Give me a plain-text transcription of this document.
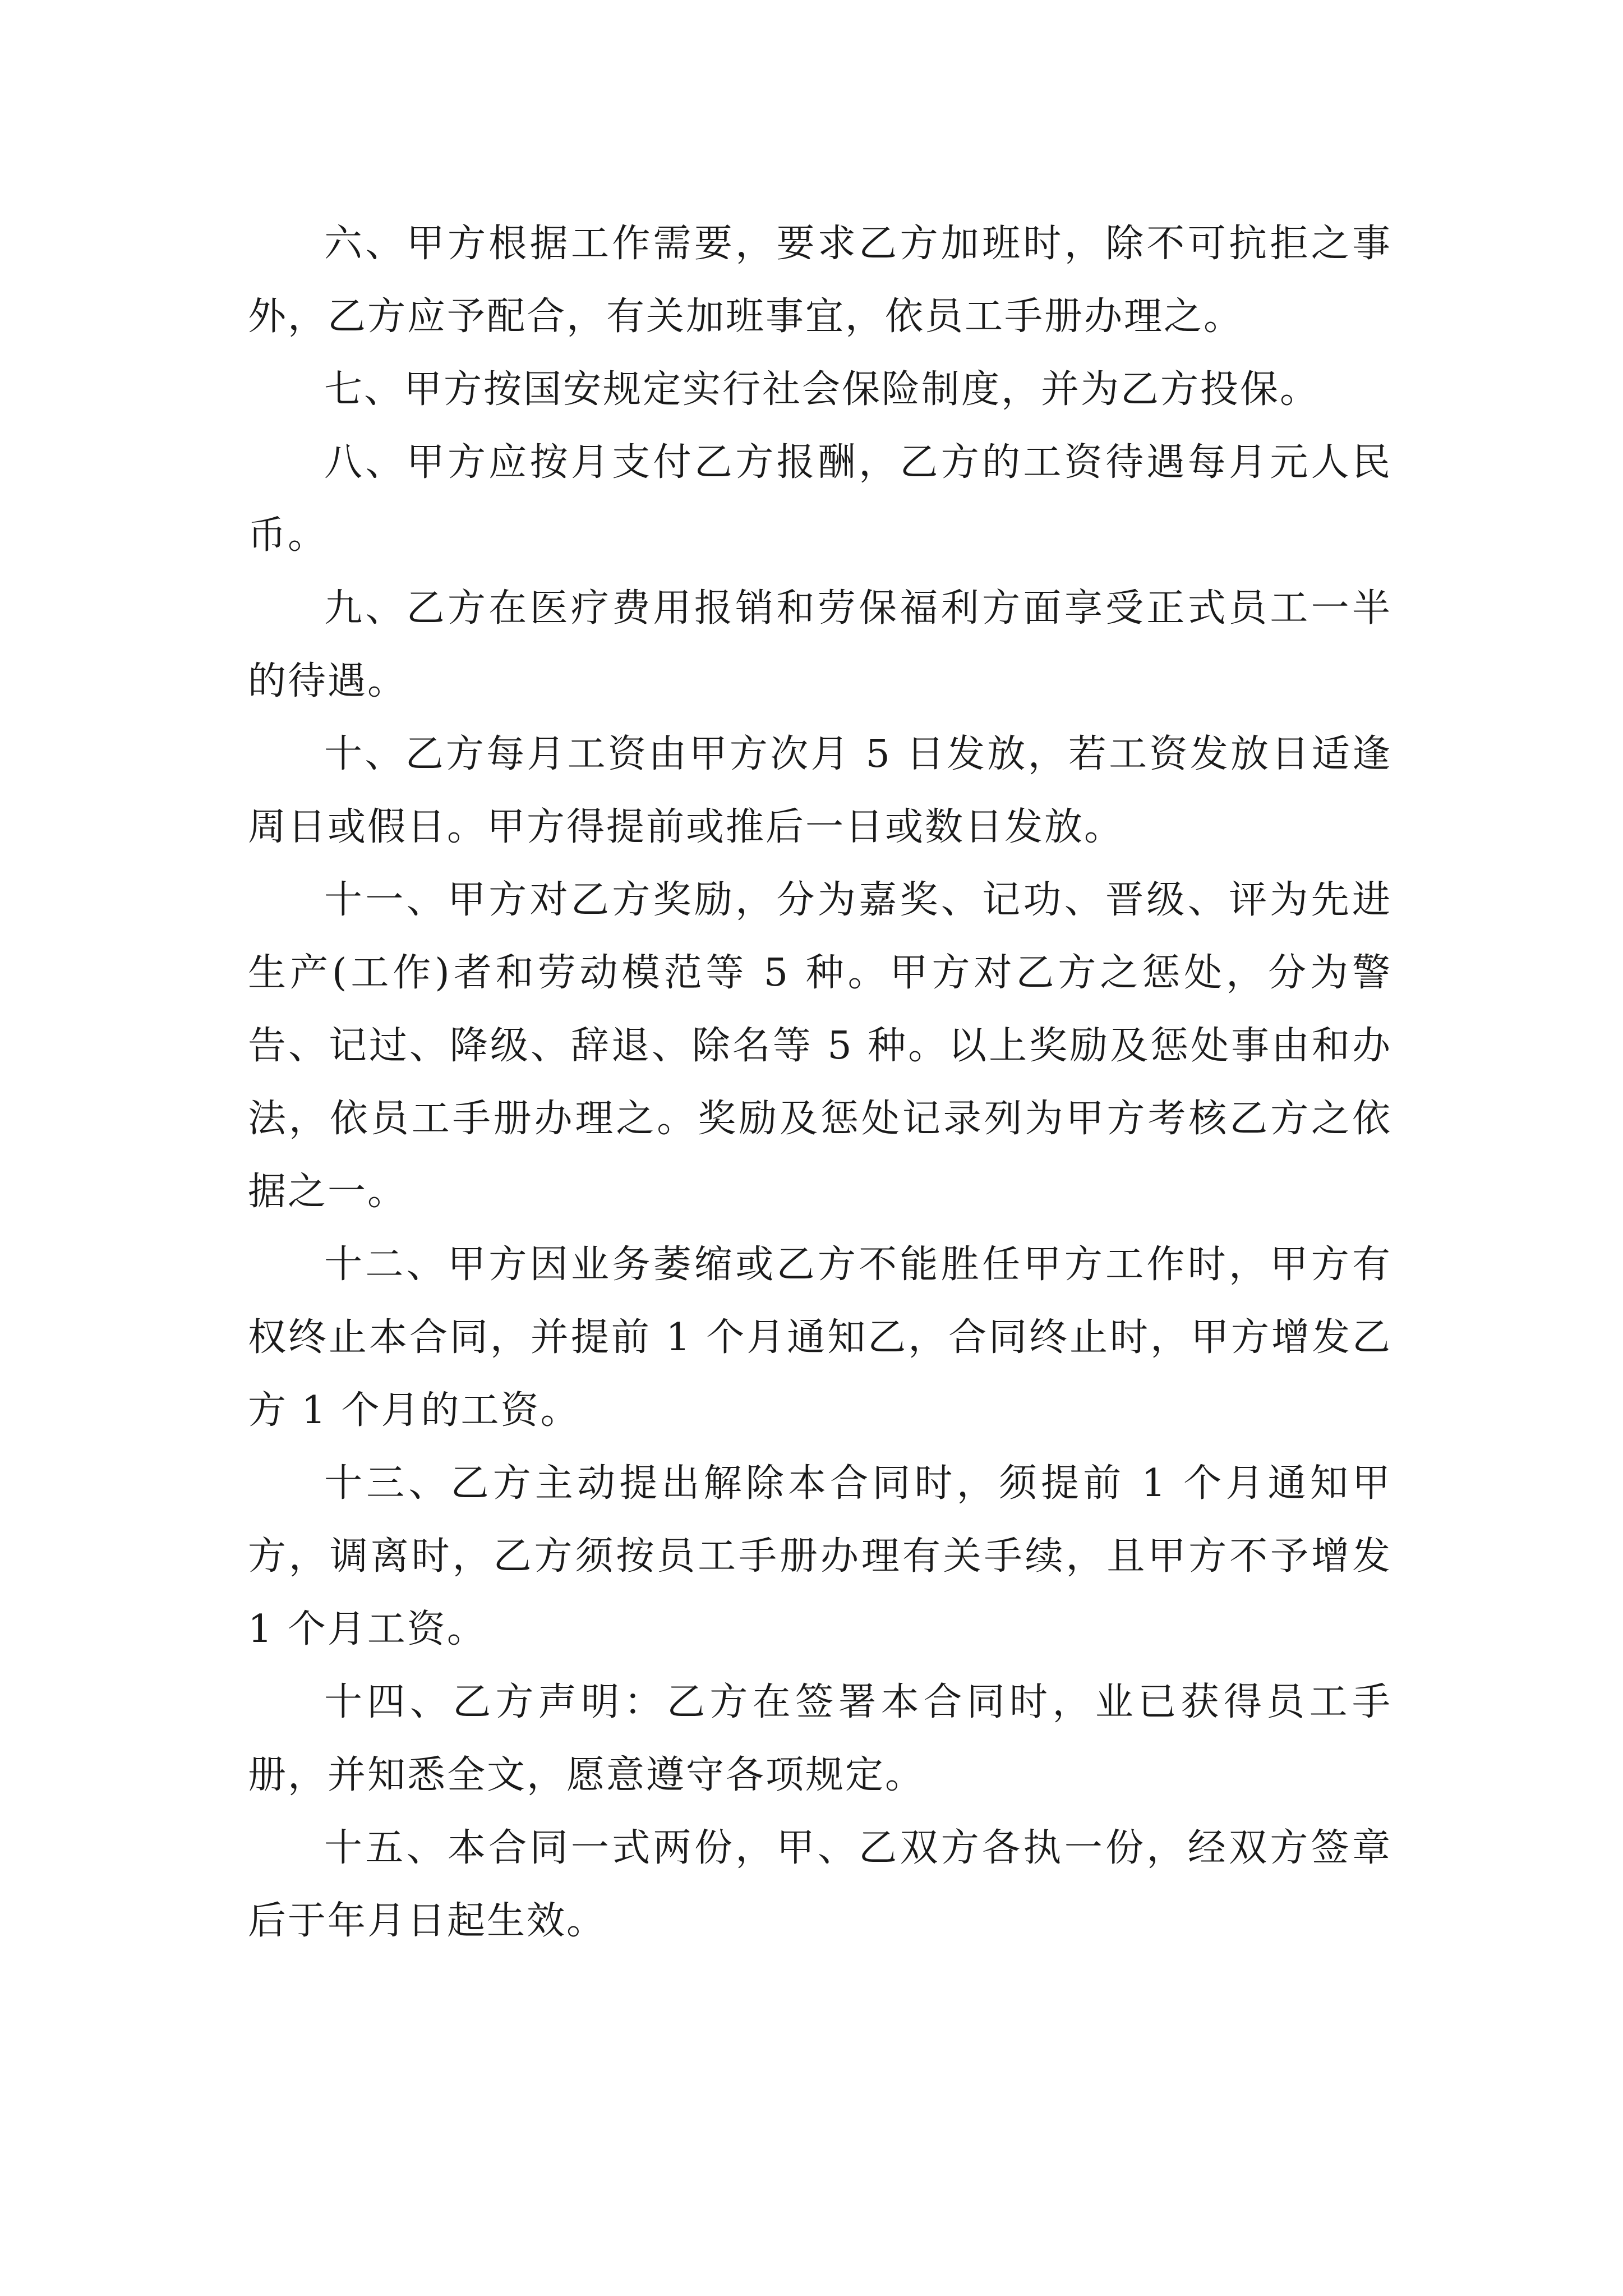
六、甲方根据工作需要，要求乙方加班时，除不可抗拒之事外，乙方应予配合，有关加班事宜，依员工手册办理之。

七、甲方按国安规定实行社会保险制度，并为乙方投保。

八、甲方应按月支付乙方报酬，乙方的工资待遇每月元人民币。

九、乙方在医疗费用报销和劳保福利方面享受正式员工一半的待遇。

十、乙方每月工资由甲方次月 5 日发放，若工资发放日适逢周日或假日。甲方得提前或推后一日或数日发放。

十一、甲方对乙方奖励，分为嘉奖、记功、晋级、评为先进生产(工作)者和劳动模范等 5 种。甲方对乙方之惩处，分为警告、记过、降级、辞退、除名等 5 种。以上奖励及惩处事由和办法，依员工手册办理之。奖励及惩处记录列为甲方考核乙方之依据之一。

十二、甲方因业务萎缩或乙方不能胜任甲方工作时，甲方有权终止本合同，并提前 1 个月通知乙，合同终止时，甲方增发乙方 1 个月的工资。

十三、乙方主动提出解除本合同时，须提前 1 个月通知甲方，调离时，乙方须按员工手册办理有关手续，且甲方不予增发 1 个月工资。

十四、乙方声明：乙方在签署本合同时，业已获得员工手册，并知悉全文，愿意遵守各项规定。

十五、本合同一式两份，甲、乙双方各执一份，经双方签章后于年月日起生效。
